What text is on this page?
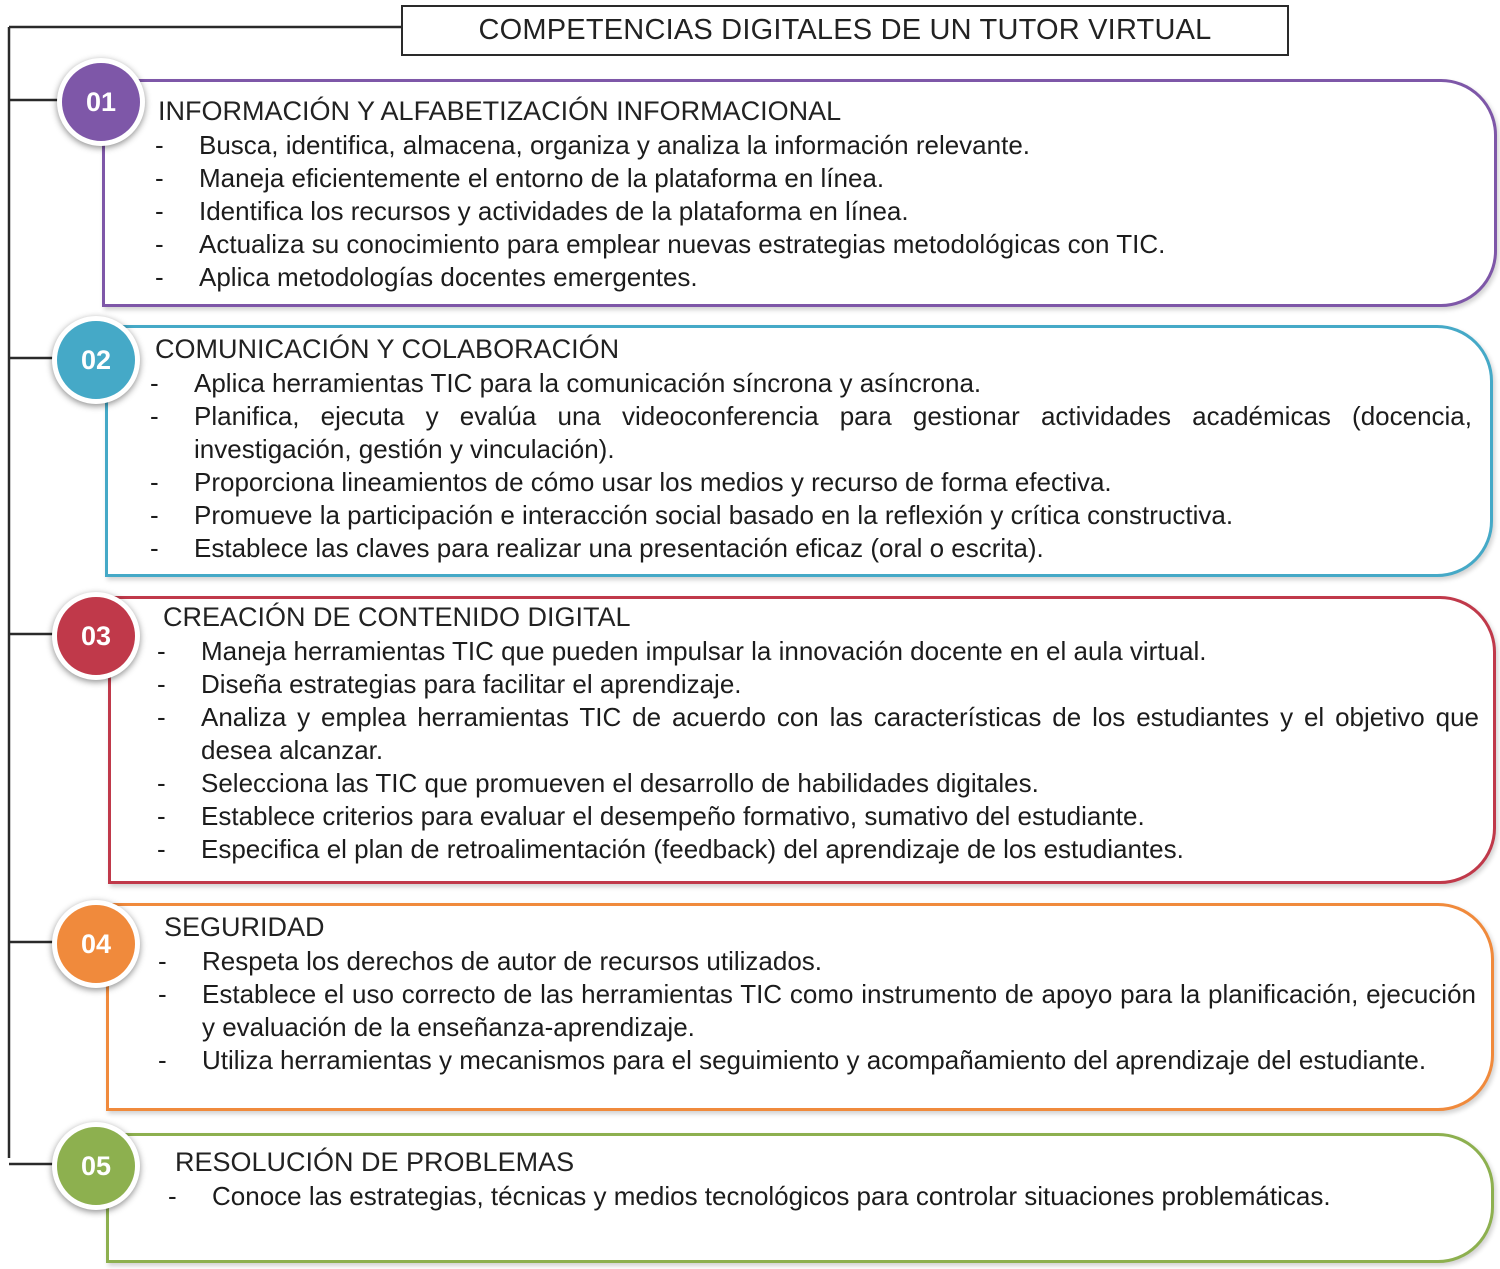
COMPETENCIAS DIGITALES DE UN TUTOR VIRTUAL
01	INFORMACIÓN Y ALFABETIZACIÓN INFORMACIONAL
-	Busca, identifica, almacena, organiza y analiza la información relevante.
-	Maneja eficientemente el entorno de la plataforma en línea.
-	Identifica los recursos y actividades de la plataforma en línea.
-	Actualiza su conocimiento para emplear nuevas estrategias metodológicas con TIC.
-	Aplica metodologías docentes emergentes.
02	COMUNICACIÓN Y COLABORACIÓN
-	Aplica herramientas TIC para la comunicación síncrona y asíncrona.
-	Planifica, ejecuta y evalúa una videoconferencia para gestionar actividades académicas (docencia, investigación, gestión y vinculación).
-	Proporciona lineamientos de cómo usar los medios y recurso de forma efectiva.
-	Promueve la participación e interacción social basado en la reflexión y crítica constructiva.
-	Establece las claves para realizar una presentación eficaz (oral o escrita).
03
CREACIÓN DE CONTENIDO DIGITAL
-	Maneja herramientas TIC que pueden impulsar la innovación docente en el aula virtual.
-	Diseña estrategias para facilitar el aprendizaje.
-	Analiza y emplea herramientas TIC de acuerdo con las características de los estudiantes y el objetivo que desea alcanzar.
-	Selecciona las TIC que promueven el desarrollo de habilidades digitales.
-	Establece criterios para evaluar el desempeño formativo, sumativo del estudiante.
-	Especifica el plan de retroalimentación (feedback) del aprendizaje de los estudiantes.
04
SEGURIDAD
-	Respeta los derechos de autor de recursos utilizados.
-	Establece el uso correcto de las herramientas TIC como instrumento de apoyo para la planificación, ejecución y evaluación de la enseñanza-aprendizaje.
-	Utiliza herramientas y mecanismos para el seguimiento y acompañamiento del aprendizaje del estudiante.
05	RESOLUCIÓN DE PROBLEMAS
-	Conoce las estrategias, técnicas y medios tecnológicos para controlar situaciones problemáticas.
